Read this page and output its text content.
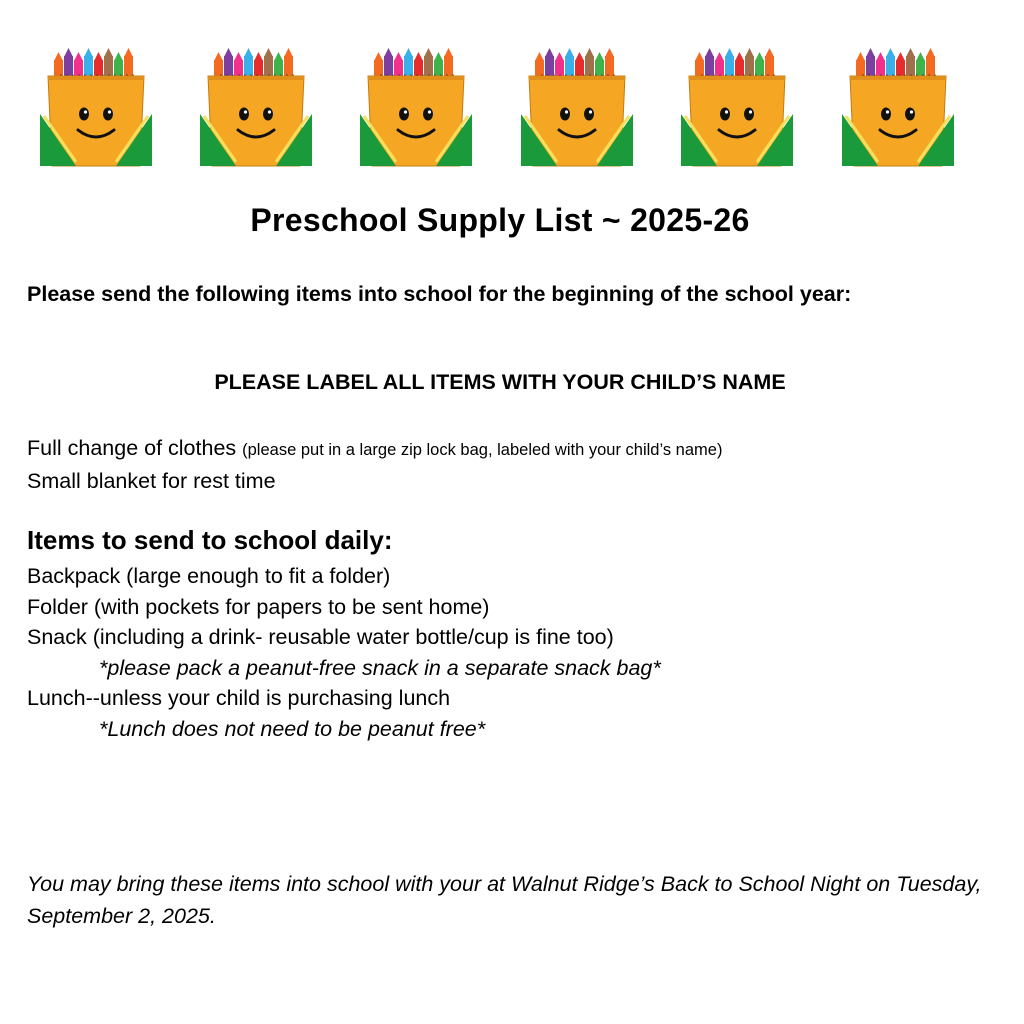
Preschool Supply List ~ 2025-26
Please send the following items into school for the beginning of the school year:
PLEASE LABEL ALL ITEMS WITH YOUR CHILD’S NAME
Full change of clothes (please put in a large zip lock bag, labeled with your child’s name)
Small blanket for rest time
Items to send to school daily:
Backpack (large enough to fit a folder)
Folder (with pockets for papers to be sent home)
Snack (including a drink- reusable water bottle/cup is fine too)
*please pack a peanut-free snack in a separate snack bag*
Lunch--unless your child is purchasing lunch
*Lunch does not need to be peanut free*
You may bring these items into school with your at Walnut Ridge’s Back to School Night on Tuesday, September 2, 2025.
